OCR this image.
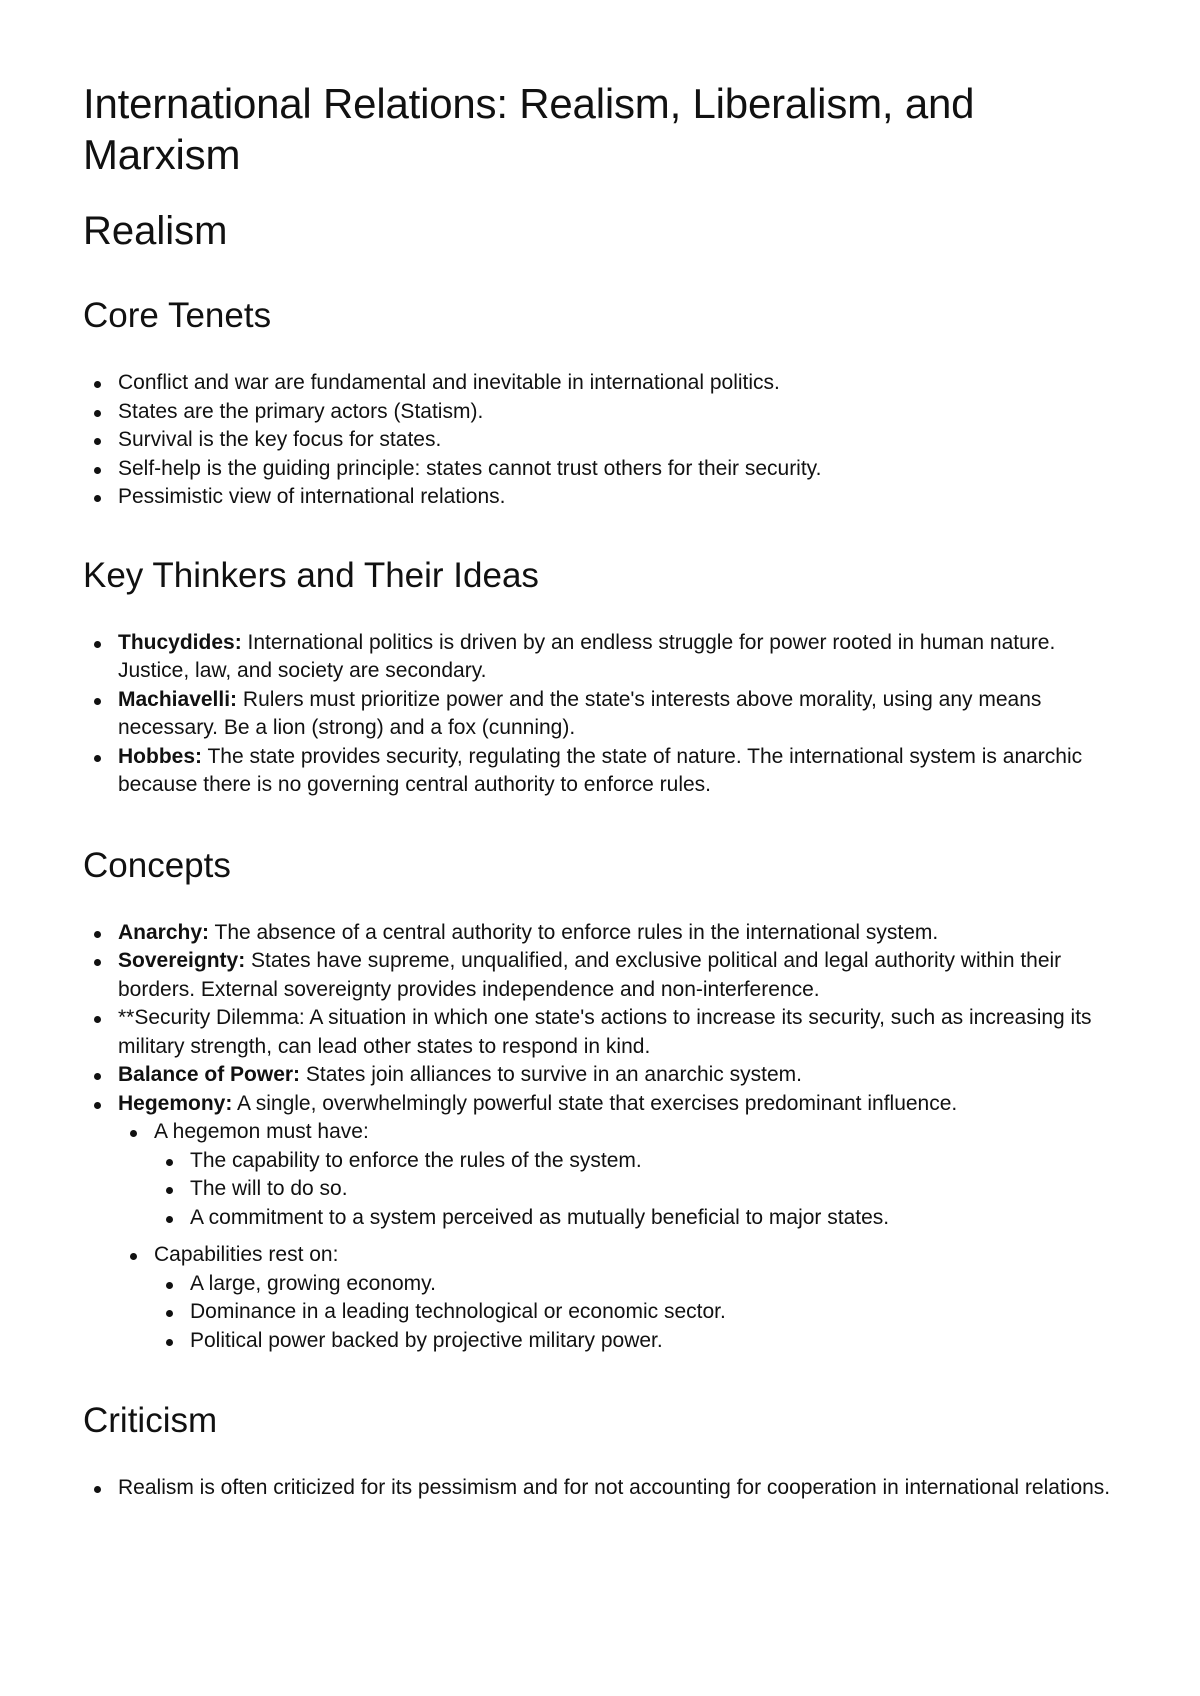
International Relations: Realism, Liberalism, and Marxism
Realism
Core Tenets
Conflict and war are fundamental and inevitable in international politics.
States are the primary actors (Statism).
Survival is the key focus for states.
Self-help is the guiding principle: states cannot trust others for their security.
Pessimistic view of international relations.
Key Thinkers and Their Ideas
Thucydides: International politics is driven by an endless struggle for power rooted in human nature. Justice, law, and society are secondary.
Machiavelli: Rulers must prioritize power and the state's interests above morality, using any means necessary. Be a lion (strong) and a fox (cunning).
Hobbes: The state provides security, regulating the state of nature. The international system is anarchic because there is no governing central authority to enforce rules.
Concepts
Anarchy: The absence of a central authority to enforce rules in the international system.
Sovereignty: States have supreme, unqualified, and exclusive political and legal authority within their borders. External sovereignty provides independence and non-interference.
**Security Dilemma: A situation in which one state's actions to increase its security, such as increasing its military strength, can lead other states to respond in kind.
Balance of Power: States join alliances to survive in an anarchic system.
Hegemony: A single, overwhelmingly powerful state that exercises predominant influence.
A hegemon must have:
The capability to enforce the rules of the system.
The will to do so.
A commitment to a system perceived as mutually beneficial to major states.
Capabilities rest on:
A large, growing economy.
Dominance in a leading technological or economic sector.
Political power backed by projective military power.
Criticism
Realism is often criticized for its pessimism and for not accounting for cooperation in international relations.
